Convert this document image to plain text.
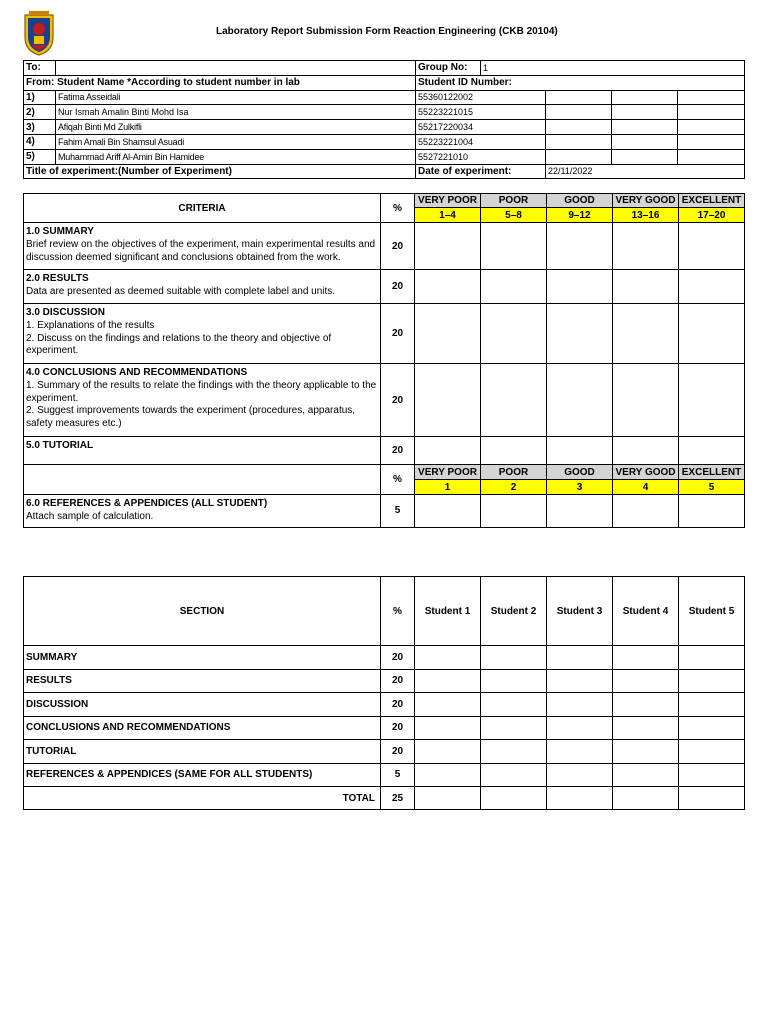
Laboratory Report Submission Form Reaction Engineering (CKB 20104)
To:		Group No:	1			
From: Student Name *According to student number in lab		Student ID Number:				
1)	Fatima Asseidali	55360122002				
2)	Nur Ismah Amalin Binti Mohd Isa	55223221015				
3)	Afiqah Binti Md Zulkifli	55217220034				
4)	Fahim Amali Bin Shamsul Asuadi	55223221004				
5)	Muhammad Ariff Al-Amin Bin Hamidee	5527221010				
Title of experiment:(Number of Experiment)		Date of experiment:		22/11/2022		
CRITERIA	%	VERY POOR	POOR	GOOD	VERY GOOD	EXCELLENT
		1–4	5–8	9–12	13–16	17–20

1.0 SUMMARY
Brief review on the objectives of the experiment, main experimental results and discussion deemed significant and conclusions obtained from the work.	20					

2.0 RESULTS
Data are presented as deemed suitable with complete label and units.	20					

3.0 DISCUSSION
1. Explanations of the results
2. Discuss on the findings and relations to the theory and objective of experiment.	20					

4.0 CONCLUSIONS AND RECOMMENDATIONS
1. Summary of the results to relate the findings with the theory applicable to the experiment.
2. Suggest improvements towards the experiment (procedures, apparatus, safety measures etc.)	20					

5.0 TUTORIAL	20					
	%	VERY POOR	POOR	GOOD	VERY GOOD	EXCELLENT
		1	2	3	4	5

6.0 REFERENCES & APPENDICES (ALL STUDENT)
Attach sample of calculation.	5					
SECTION	%	Student 1	Student 2	Student 3	Student 4	Student 5
SUMMARY	20					
RESULTS	20					
DISCUSSION	20					
CONCLUSIONS AND RECOMMENDATIONS	20					
TUTORIAL	20					
REFERENCES & APPENDICES (SAME FOR ALL STUDENTS)	5					
TOTAL	25					
